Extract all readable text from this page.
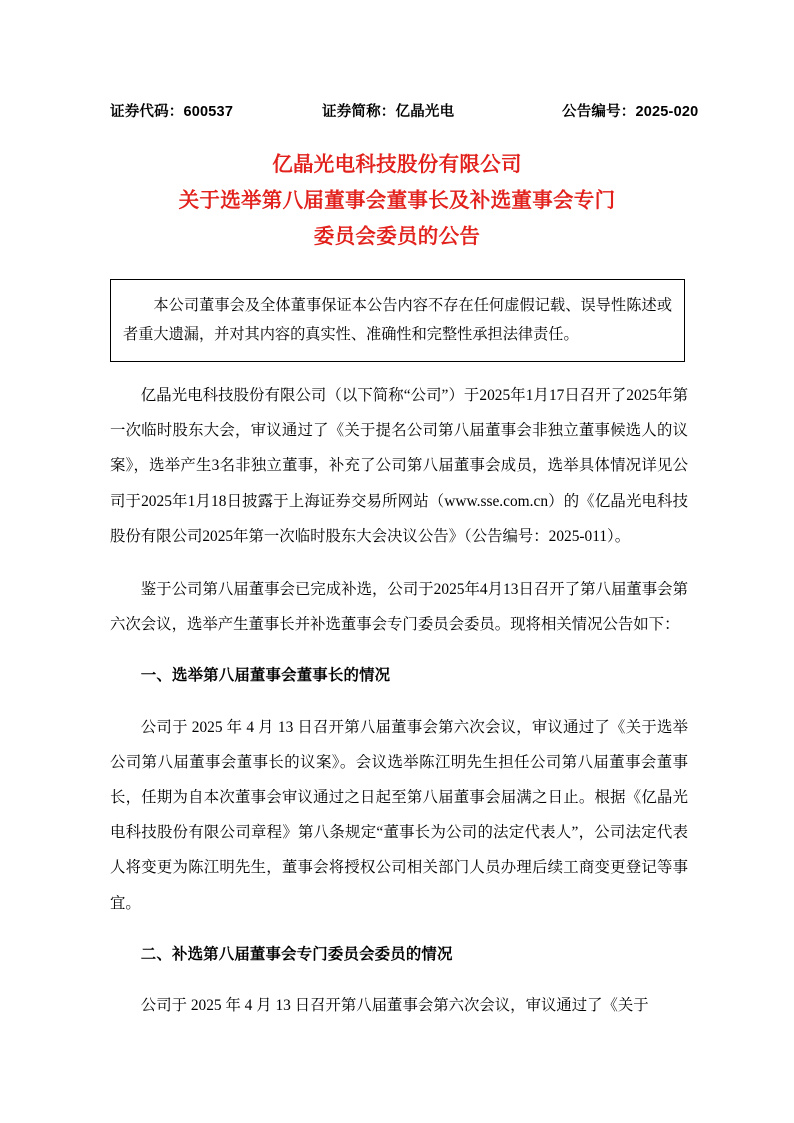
证券代码：600537	证券简称：亿晶光电	公告编号：2025-020
亿晶光电科技股份有限公司
关于选举第八届董事会董事长及补选董事会专门
委员会委员的公告
本公司董事会及全体董事保证本公告内容不存在任何虚假记载、误导性陈述或者重大遗漏，并对其内容的真实性、准确性和完整性承担法律责任。

亿晶光电科技股份有限公司（以下简称“公司”）于2025年1月17日召开了2025年第一次临时股东大会，审议通过了《关于提名公司第八届董事会非独立董事候选人的议案》，选举产生3名非独立董事，补充了公司第八届董事会成员，选举具体情况详见公司于2025年1月18日披露于上海证券交易所网站（www.sse.com.cn）的《亿晶光电科技股份有限公司2025年第一次临时股东大会决议公告》（公告编号：2025-011）。

鉴于公司第八届董事会已完成补选，公司于2025年4月13日召开了第八届董事会第六次会议，选举产生董事长并补选董事会专门委员会委员。现将相关情况公告如下：

一、选举第八届董事会董事长的情况

公司于 2025 年 4 月 13 日召开第八届董事会第六次会议，审议通过了《关于选举公司第八届董事会董事长的议案》。会议选举陈江明先生担任公司第八届董事会董事长，任期为自本次董事会审议通过之日起至第八届董事会届满之日止。根据《亿晶光电科技股份有限公司章程》第八条规定“董事长为公司的法定代表人”，公司法定代表人将变更为陈江明先生，董事会将授权公司相关部门人员办理后续工商变更登记等事宜。

二、补选第八届董事会专门委员会委员的情况

公司于 2025 年 4 月 13 日召开第八届董事会第六次会议，审议通过了《关于
